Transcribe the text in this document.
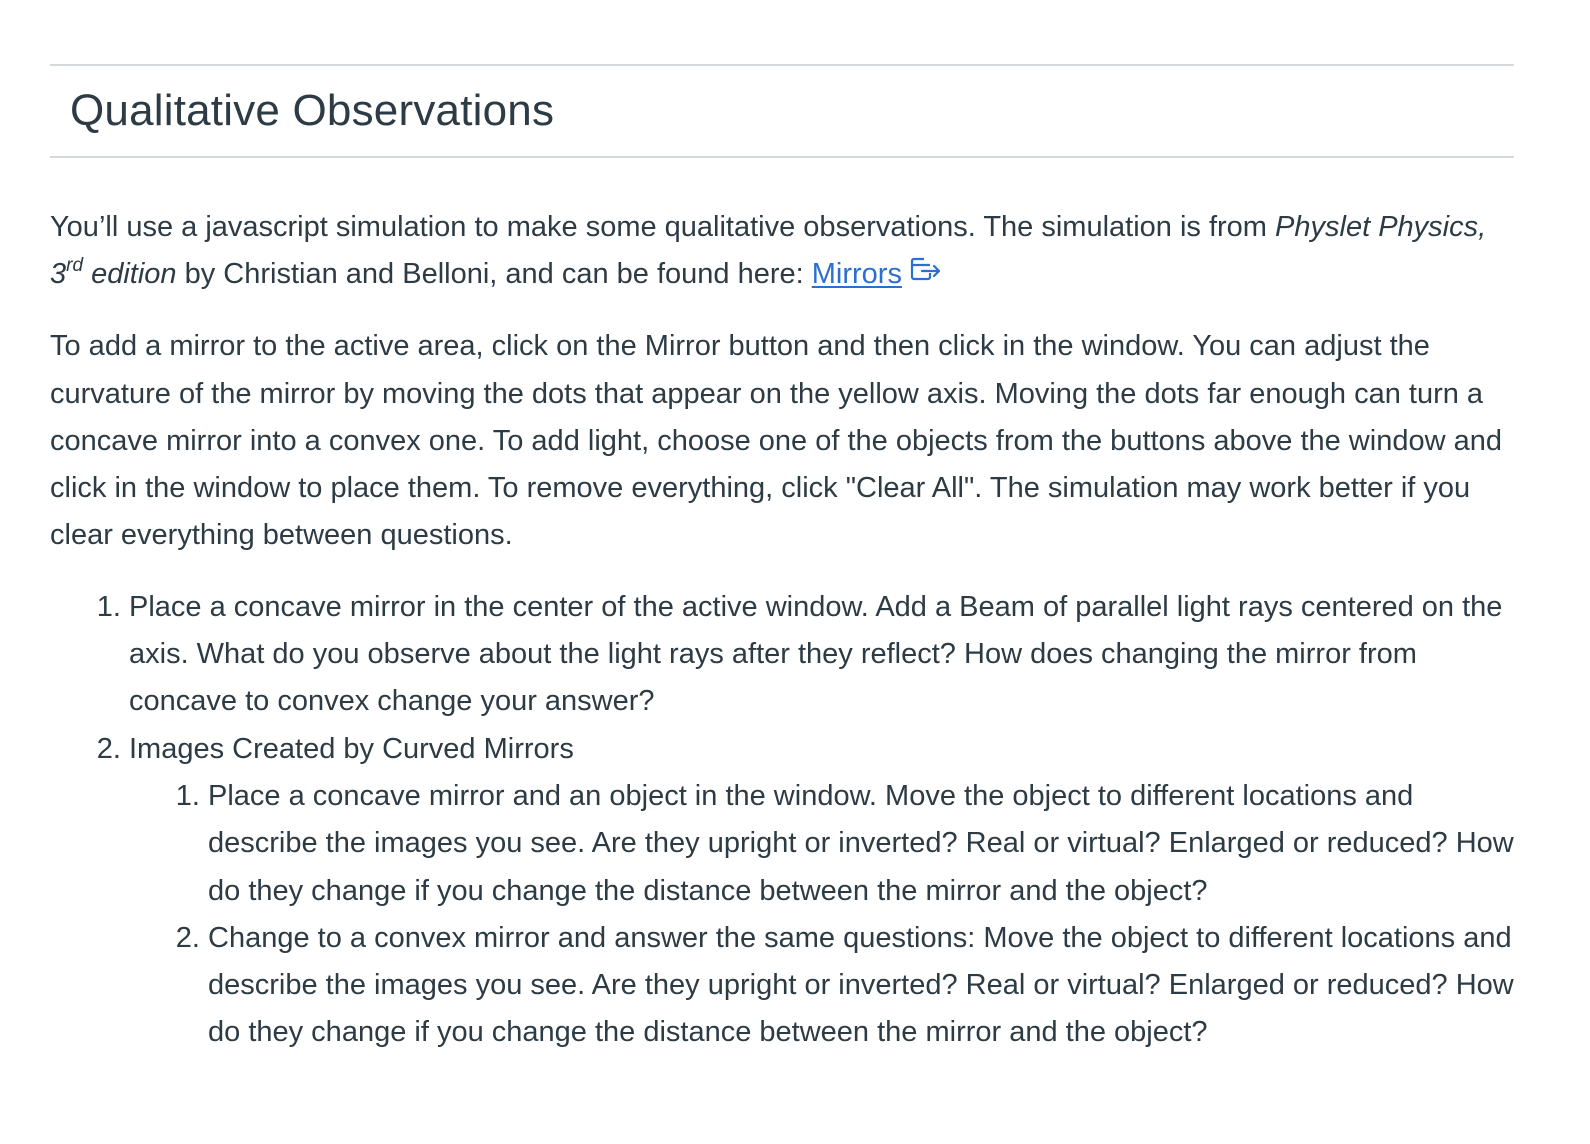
Qualitative Observations

You’ll use a javascript simulation to make some qualitative observations. The simulation is from Physlet Physics, 3rd edition by Christian and Belloni, and can be found here: Mirrors

To add a mirror to the active area, click on the Mirror button and then click in the window. You can adjust the curvature of the mirror by moving the dots that appear on the yellow axis. Moving the dots far enough can turn a concave mirror into a convex one. To add light, choose one of the objects from the buttons above the window and click in the window to place them. To remove everything, click "Clear All". The simulation may work better if you clear everything between questions.

1. Place a concave mirror in the center of the active window. Add a Beam of parallel light rays centered on the axis. What do you observe about the light rays after they reflect? How does changing the mirror from concave to convex change your answer?
2. Images Created by Curved Mirrors
1. Place a concave mirror and an object in the window. Move the object to different locations and describe the images you see. Are they upright or inverted? Real or virtual? Enlarged or reduced? How do they change if you change the distance between the mirror and the object?
2. Change to a convex mirror and answer the same questions: Move the object to different locations and describe the images you see. Are they upright or inverted? Real or virtual? Enlarged or reduced? How do they change if you change the distance between the mirror and the object?
